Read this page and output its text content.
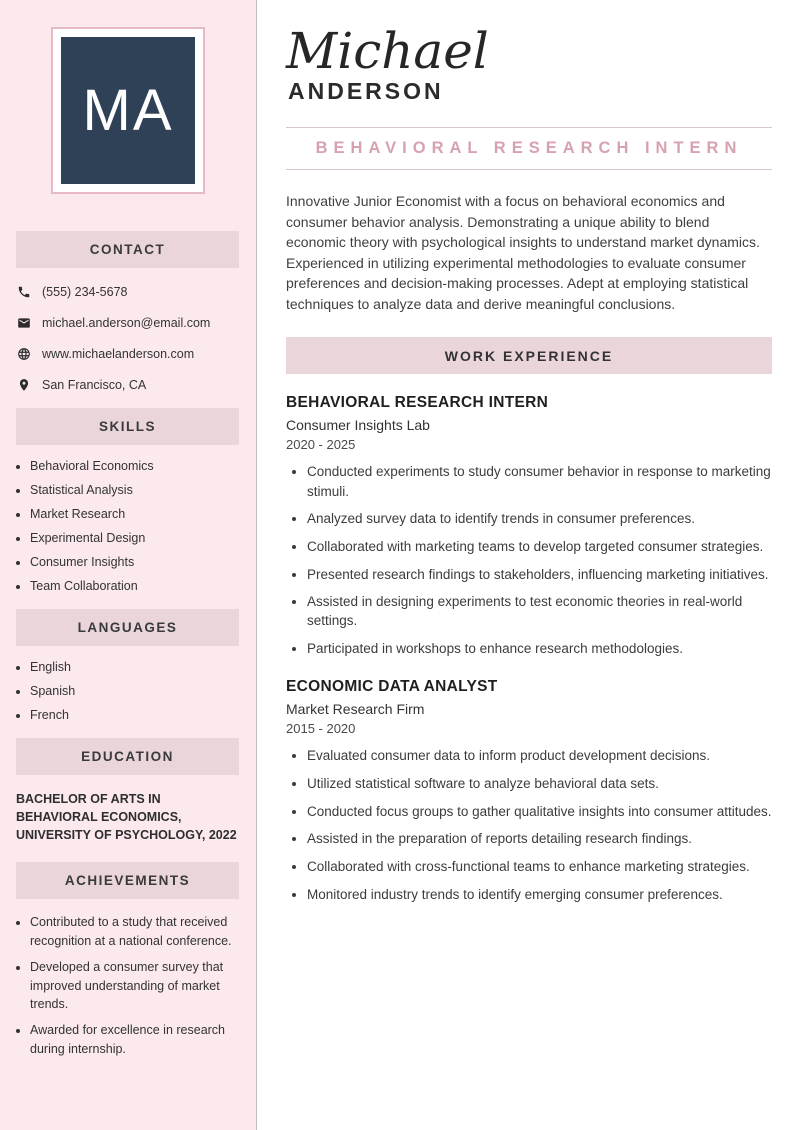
MA
CONTACT
(555) 234-5678
michael.anderson@email.com
www.michaelanderson.com
San Francisco, CA
SKILLS
• Behavioral Economics
• Statistical Analysis
• Market Research
• Experimental Design
• Consumer Insights
• Team Collaboration
LANGUAGES
• English
• Spanish
• French
EDUCATION
BACHELOR OF ARTS IN BEHAVIORAL ECONOMICS, UNIVERSITY OF PSYCHOLOGY, 2022
ACHIEVEMENTS
• Contributed to a study that received recognition at a national conference.
• Developed a consumer survey that improved understanding of market trends.
• Awarded for excellence in research during internship.
Michael
ANDERSON
BEHAVIORAL RESEARCH INTERN

Innovative Junior Economist with a focus on behavioral economics and consumer behavior analysis. Demonstrating a unique ability to blend economic theory with psychological insights to understand market dynamics. Experienced in utilizing experimental methodologies to evaluate consumer preferences and decision-making processes. Adept at employing statistical techniques to analyze data and derive meaningful conclusions.

WORK EXPERIENCE
BEHAVIORAL RESEARCH INTERN
Consumer Insights Lab
2020 - 2025
• Conducted experiments to study consumer behavior in response to marketing stimuli.
• Analyzed survey data to identify trends in consumer preferences.
• Collaborated with marketing teams to develop targeted consumer strategies.
• Presented research findings to stakeholders, influencing marketing initiatives.
• Assisted in designing experiments to test economic theories in real-world settings.
• Participated in workshops to enhance research methodologies.
ECONOMIC DATA ANALYST
Market Research Firm
2015 - 2020
• Evaluated consumer data to inform product development decisions.
• Utilized statistical software to analyze behavioral data sets.
• Conducted focus groups to gather qualitative insights into consumer attitudes.
• Assisted in the preparation of reports detailing research findings.
• Collaborated with cross-functional teams to enhance marketing strategies.
• Monitored industry trends to identify emerging consumer preferences.
